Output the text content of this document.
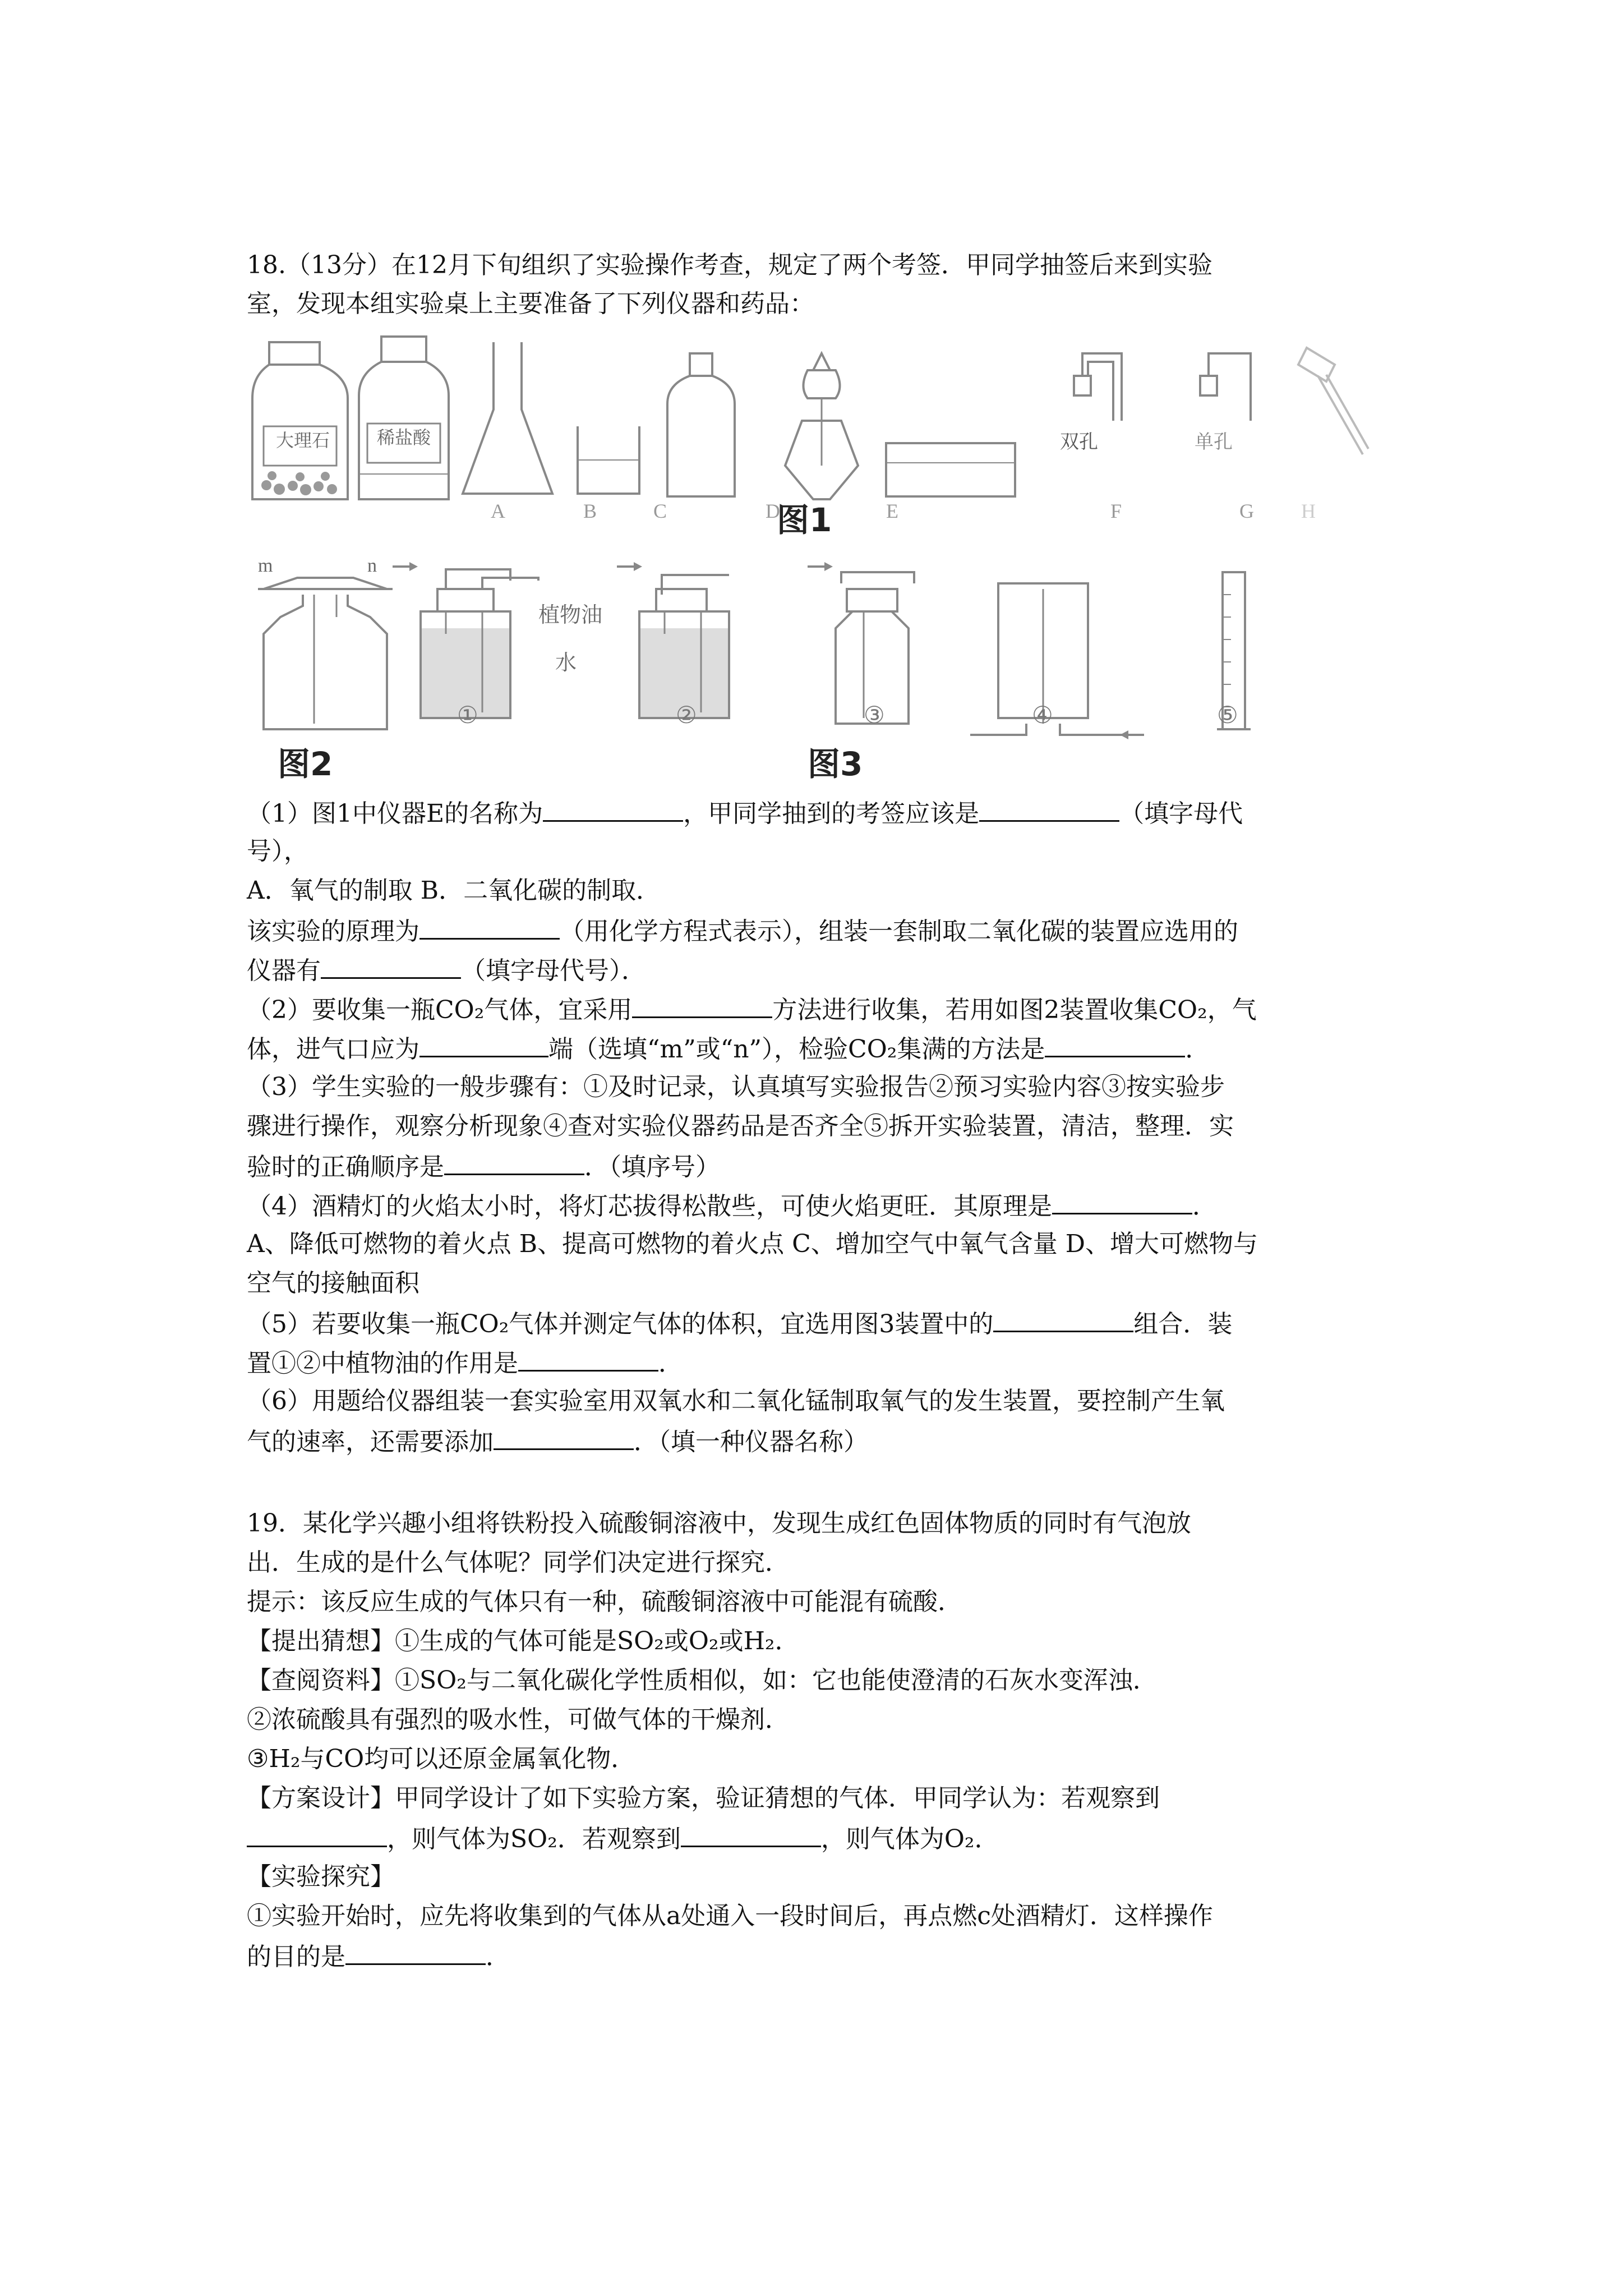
18.（13分）在12月下旬组织了实验操作考查，规定了两个考签．甲同学抽签后来到实验
室，发现本组实验桌上主要准备了下列仪器和药品：
大理石	稀盐酸
A	B	C	D	E
双孔	单孔
F	G H
图1
m	n
植物油
水
①	②	③	④	⑤
图2	图3
（1）图1中仪器E的名称为	，甲同学抽到的考签应该是	（填字母代
号），
A．氧气的制取 B．二氧化碳的制取．
该实验的原理为	（用化学方程式表示），组装一套制取二氧化碳的装置应选用的
仪器有	（填字母代号）．
（2）要收集一瓶CO₂气体，宜采用	方法进行收集，若用如图2装置收集CO₂，气
体，进气口应为	端（选填“m”或“n”），检验CO₂集满的方法是	．
（3）学生实验的一般步骤有：①及时记录，认真填写实验报告②预习实验内容③按实验步
骤进行操作，观察分析现象④查对实验仪器药品是否齐全⑤拆开实验装置，清洁，整理．实
验时的正确顺序是	．（填序号）
（4）酒精灯的火焰太小时，将灯芯拔得松散些，可使火焰更旺．其原理是	．
A、降低可燃物的着火点 B、提高可燃物的着火点 C、增加空气中氧气含量 D、增大可燃物与
空气的接触面积
（5）若要收集一瓶CO₂气体并测定气体的体积，宜选用图3装置中的	组合．装
置①②中植物油的作用是	．
（6）用题给仪器组装一套实验室用双氧水和二氧化锰制取氧气的发生装置，要控制产生氧
气的速率，还需要添加	．（填一种仪器名称）
19．某化学兴趣小组将铁粉投入硫酸铜溶液中，发现生成红色固体物质的同时有气泡放
出．生成的是什么气体呢？同学们决定进行探究．
提示：该反应生成的气体只有一种，硫酸铜溶液中可能混有硫酸．
【提出猜想】①生成的气体可能是SO₂或O₂或H₂．
【查阅资料】①SO₂与二氧化碳化学性质相似，如：它也能使澄清的石灰水变浑浊．
②浓硫酸具有强烈的吸水性，可做气体的干燥剂．
③H₂与CO均可以还原金属氧化物．
【方案设计】甲同学设计了如下实验方案，验证猜想的气体．甲同学认为：若观察到
，则气体为SO₂．若观察到	，则气体为O₂．
【实验探究】
①实验开始时，应先将收集到的气体从a处通入一段时间后，再点燃c处酒精灯．这样操作
的目的是	．
